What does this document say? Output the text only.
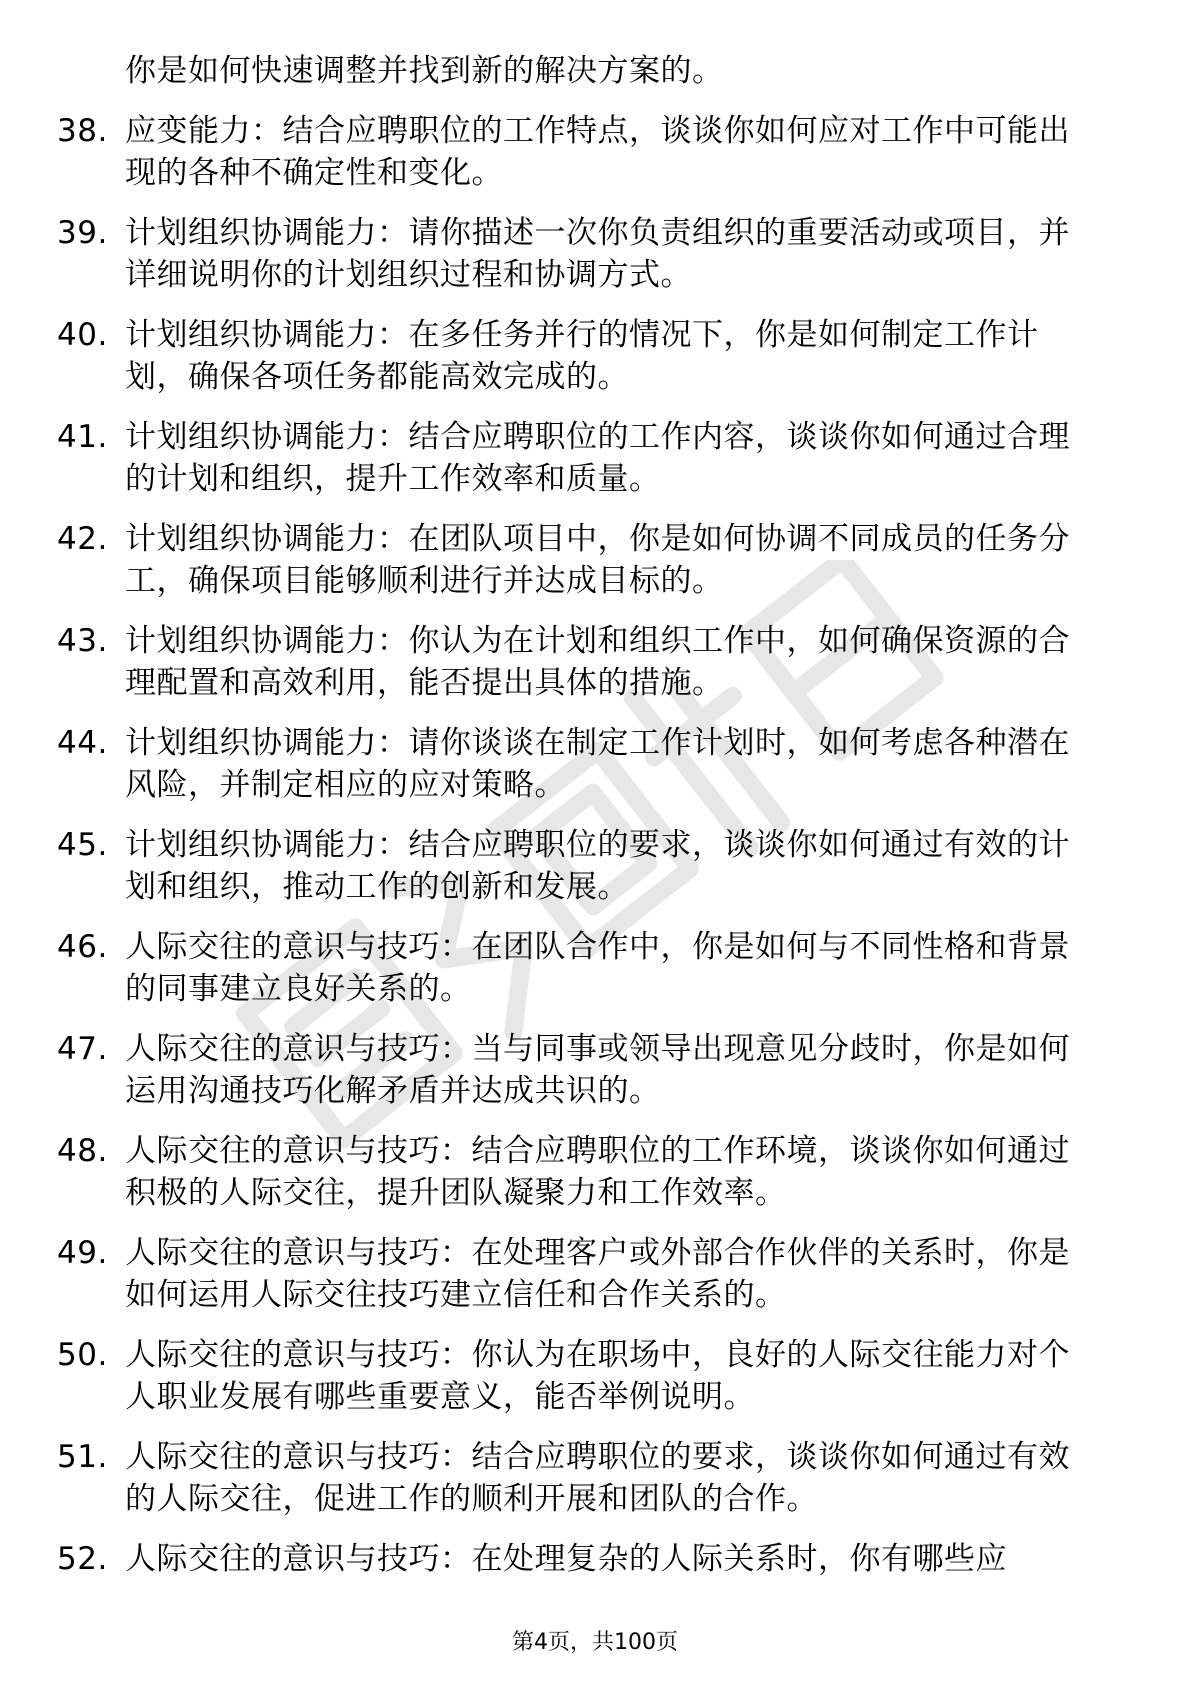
你是如何快速调整并找到新的解决方案的。
38. 应变能力：结合应聘职位的工作特点，谈谈你如何应对工作中可能出现的各种不确定性和变化。
39. 计划组织协调能力：请你描述一次你负责组织的重要活动或项目，并详细说明你的计划组织过程和协调方式。
40. 计划组织协调能力：在多任务并行的情况下，你是如何制定工作计划，确保各项任务都能高效完成的。
41. 计划组织协调能力：结合应聘职位的工作内容，谈谈你如何通过合理的计划和组织，提升工作效率和质量。
42. 计划组织协调能力：在团队项目中，你是如何协调不同成员的任务分工，确保项目能够顺利进行并达成目标的。
43. 计划组织协调能力：你认为在计划和组织工作中，如何确保资源的合理配置和高效利用，能否提出具体的措施。
44. 计划组织协调能力：请你谈谈在制定工作计划时，如何考虑各种潜在风险，并制定相应的应对策略。
45. 计划组织协调能力：结合应聘职位的要求，谈谈你如何通过有效的计划和组织，推动工作的创新和发展。
46. 人际交往的意识与技巧：在团队合作中，你是如何与不同性格和背景的同事建立良好关系的。
47. 人际交往的意识与技巧：当与同事或领导出现意见分歧时，你是如何运用沟通技巧化解矛盾并达成共识的。
48. 人际交往的意识与技巧：结合应聘职位的工作环境，谈谈你如何通过积极的人际交往，提升团队凝聚力和工作效率。
49. 人际交往的意识与技巧：在处理客户或外部合作伙伴的关系时，你是如何运用人际交往技巧建立信任和合作关系的。
50. 人际交往的意识与技巧：你认为在职场中，良好的人际交往能力对个人职业发展有哪些重要意义，能否举例说明。
51. 人际交往的意识与技巧：结合应聘职位的要求，谈谈你如何通过有效的人际交往，促进工作的顺利开展和团队的合作。
52. 人际交往的意识与技巧：在处理复杂的人际关系时，你有哪些应
第4页，共100页
